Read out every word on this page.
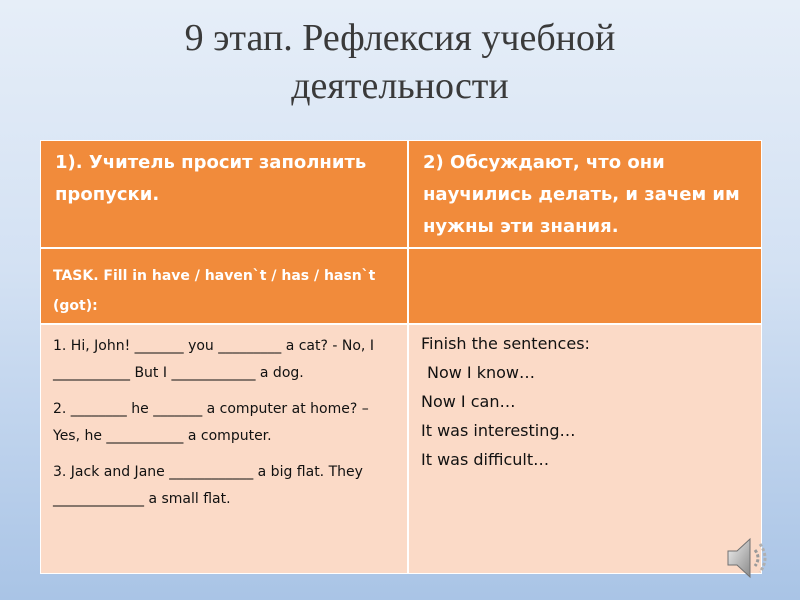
9 этап. Рефлексия учебной
деятельности
1). Учитель просит заполнить пропуски.
2) Обсуждают, что они научились делать, и зачем им нужны эти знания.
TASK. Fill in have / haven`t / has / hasn`t (got):

1. Hi, John! _______ you _________ a cat? - No, I ___________ But I ____________ a dog.

2. ________ he _______ a computer at home? – Yes, he ___________ a computer.

3. Jack and Jane ____________ a big flat. They _____________ a small flat.

Finish the sentences:

Now I know…

Now I can…

It was interesting…

It was difficult…
